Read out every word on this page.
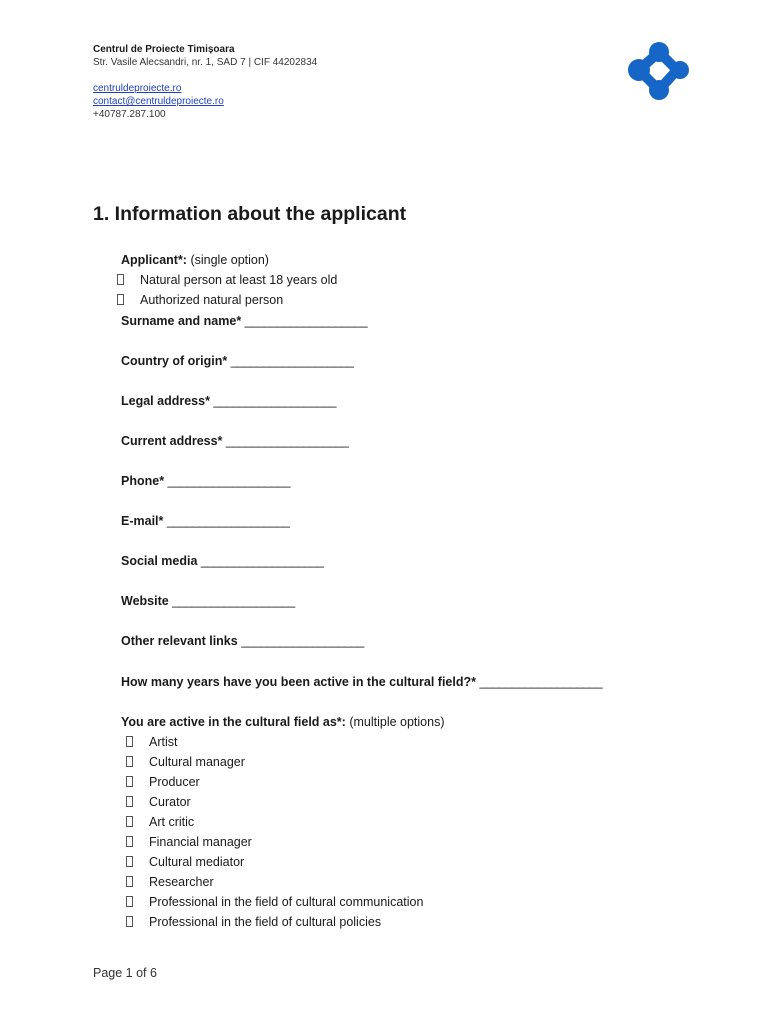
Centrul de Proiecte Timișoara
Str. Vasile Alecsandri, nr. 1, SAD 7 | CIF 44202834
centruldeproiecte.ro
contact@centruldeproiecte.ro
+40787.287.100
1. Information about the applicant
Applicant*: (single option)
Natural person at least 18 years old
Authorized natural person
Surname and name* ___________________
Country of origin* ___________________
Legal address* ___________________
Current address* ___________________
Phone* ___________________
E-mail* ___________________
Social media ___________________
Website ___________________
Other relevant links ___________________
How many years have you been active in the cultural field?* ___________________
You are active in the cultural field as*: (multiple options)
Artist
Cultural manager
Producer
Curator
Art critic
Financial manager
Cultural mediator
Researcher
Professional in the field of cultural communication
Professional in the field of cultural policies
Page 1 of 6
